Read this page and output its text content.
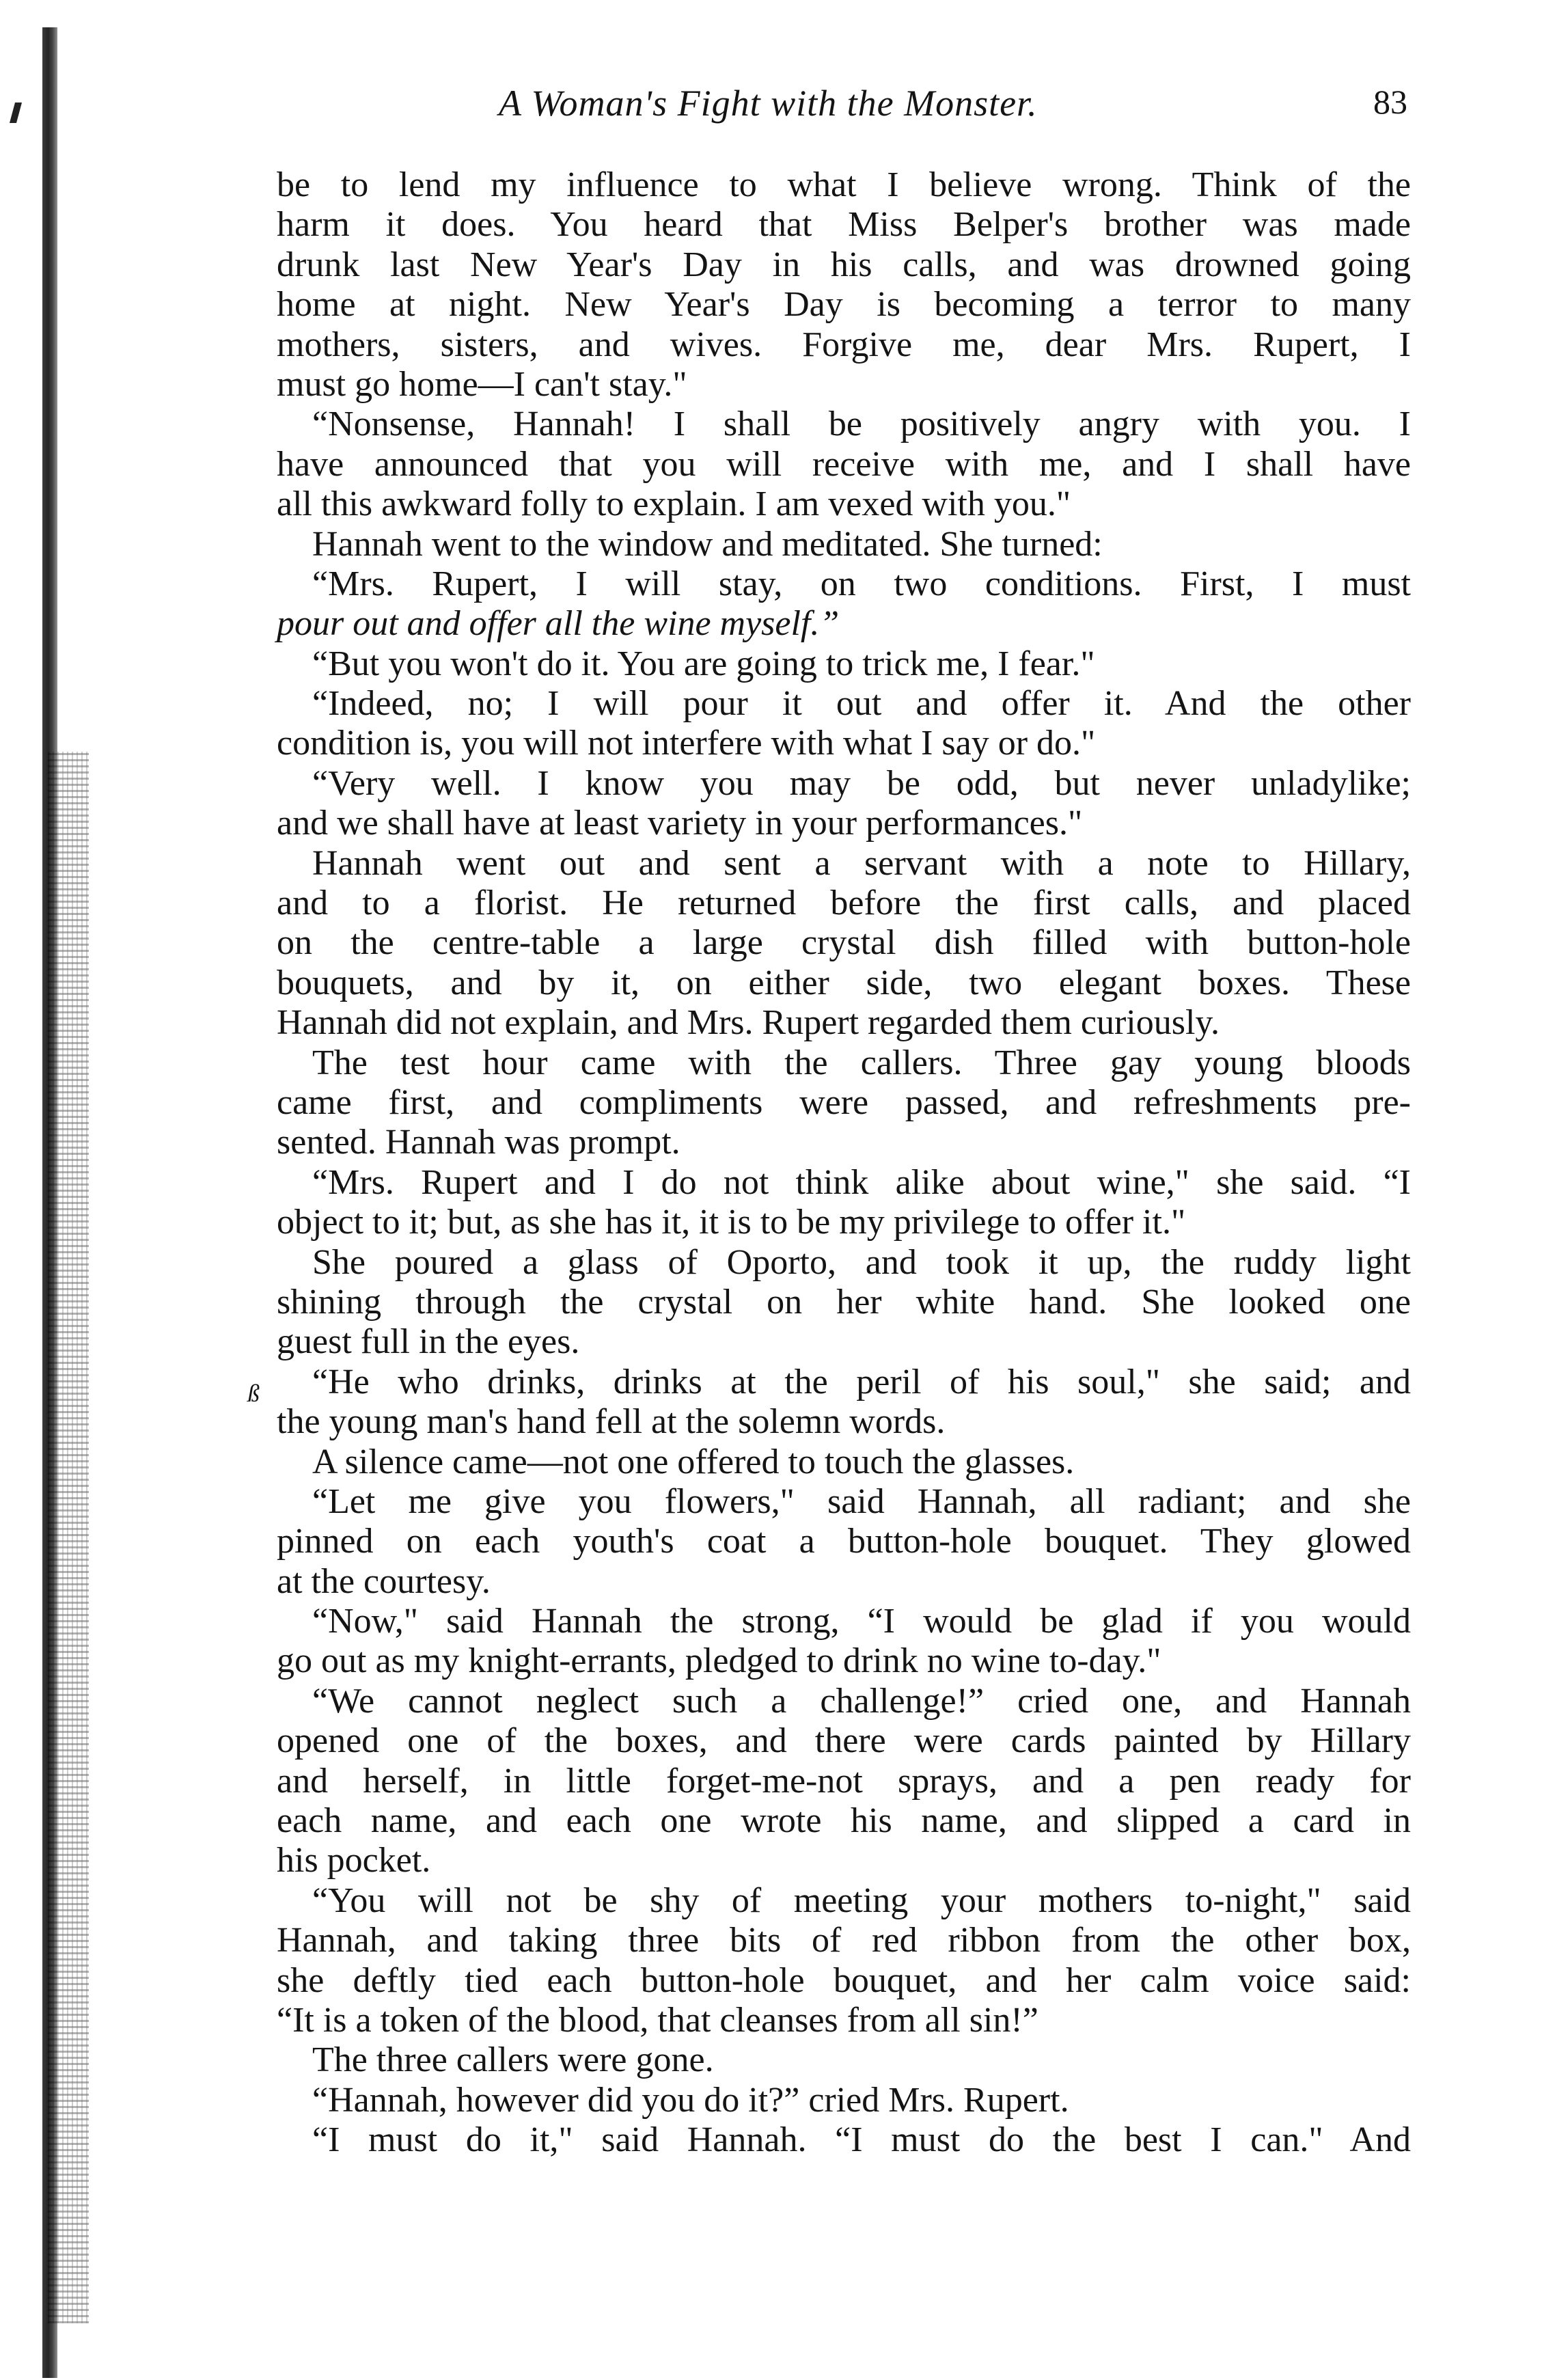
A Woman's Fight with the Monster.	83
ß
be to lend my influence to what I believe wrong. Think of the
harm it does. You heard that Miss Belper's brother was made
drunk last New Year's Day in his calls, and was drowned going
home at night. New Year's Day is becoming a terror to many
mothers, sisters, and wives. Forgive me, dear Mrs. Rupert, I
must go home—I can't stay."
“Nonsense, Hannah! I shall be positively angry with you. I
have announced that you will receive with me, and I shall have
all this awkward folly to explain. I am vexed with you."
Hannah went to the window and meditated. She turned:
“Mrs. Rupert, I will stay, on two conditions. First, I must
pour out and offer all the wine myself.”
“But you won't do it. You are going to trick me, I fear."
“Indeed, no; I will pour it out and offer it. And the other
condition is, you will not interfere with what I say or do."
“Very well. I know you may be odd, but never unladylike;
and we shall have at least variety in your performances."
Hannah went out and sent a servant with a note to Hillary,
and to a florist. He returned before the first calls, and placed
on the centre-table a large crystal dish filled with button-hole
bouquets, and by it, on either side, two elegant boxes. These
Hannah did not explain, and Mrs. Rupert regarded them curiously.
The test hour came with the callers. Three gay young bloods
came first, and compliments were passed, and refreshments pre-
sented. Hannah was prompt.
“Mrs. Rupert and I do not think alike about wine," she said. “I
object to it; but, as she has it, it is to be my privilege to offer it."
She poured a glass of Oporto, and took it up, the ruddy light
shining through the crystal on her white hand. She looked one
guest full in the eyes.
“He who drinks, drinks at the peril of his soul," she said; and
the young man's hand fell at the solemn words.
A silence came—not one offered to touch the glasses.
“Let me give you flowers," said Hannah, all radiant; and she
pinned on each youth's coat a button-hole bouquet. They glowed
at the courtesy.
“Now," said Hannah the strong, “I would be glad if you would
go out as my knight-errants, pledged to drink no wine to-day."
“We cannot neglect such a challenge!” cried one, and Hannah
opened one of the boxes, and there were cards painted by Hillary
and herself, in little forget-me-not sprays, and a pen ready for
each name, and each one wrote his name, and slipped a card in
his pocket.
“You will not be shy of meeting your mothers to-night," said
Hannah, and taking three bits of red ribbon from the other box,
she deftly tied each button-hole bouquet, and her calm voice said:
“It is a token of the blood, that cleanses from all sin!”
The three callers were gone.
“Hannah, however did you do it?” cried Mrs. Rupert.
“I must do it," said Hannah. “I must do the best I can." And
